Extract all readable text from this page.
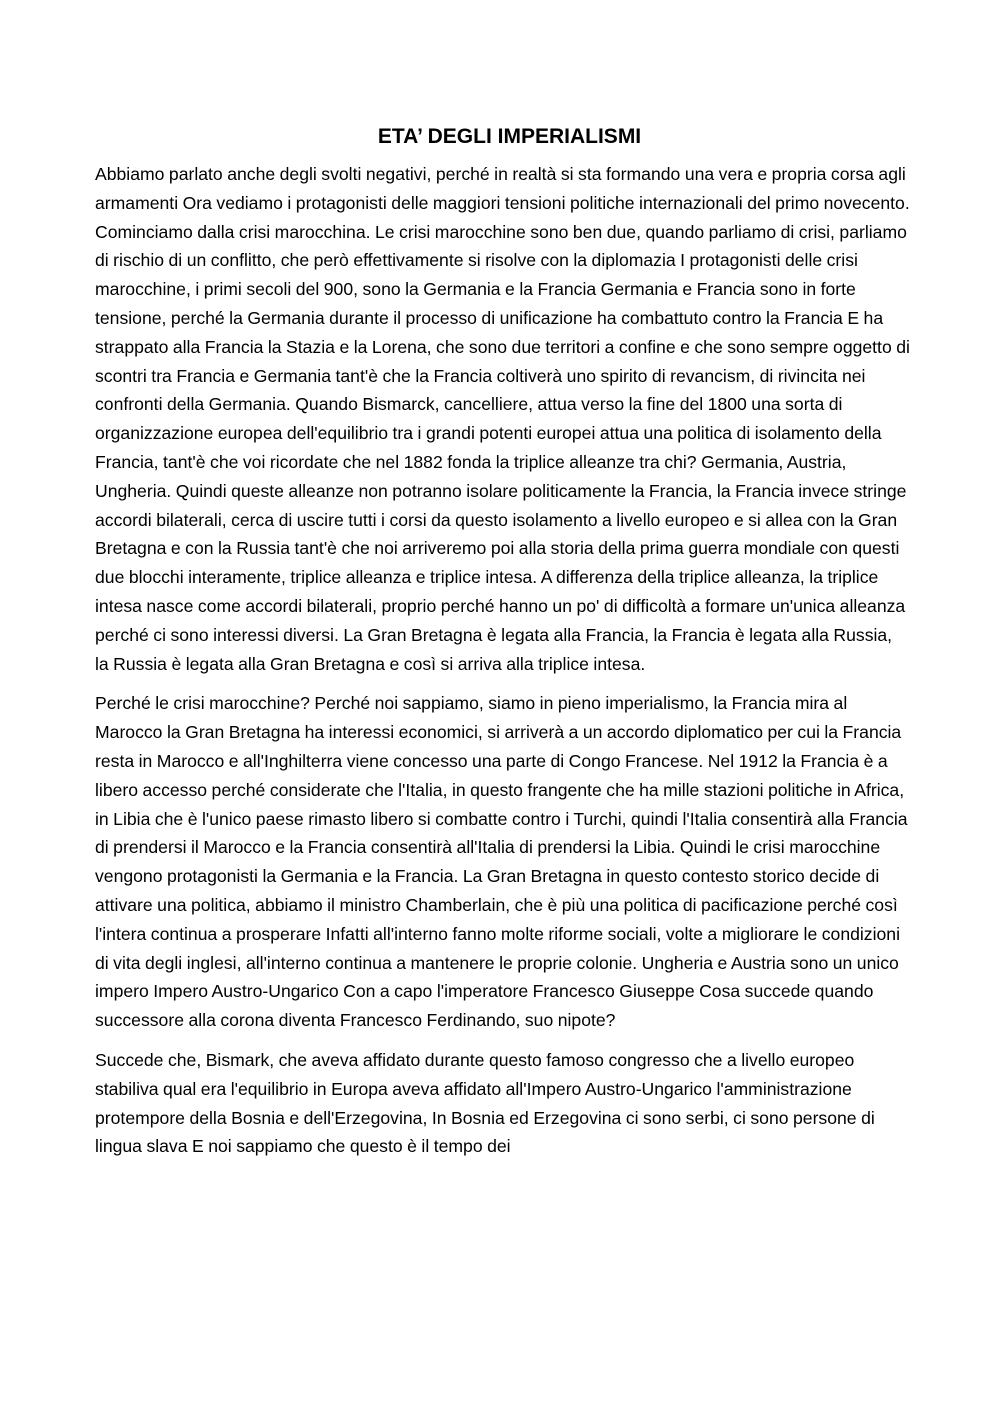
ETA’ DEGLI IMPERIALISMI

Abbiamo parlato anche degli svolti negativi, perché in realtà si sta formando una vera e propria corsa agli armamenti Ora vediamo i protagonisti delle maggiori tensioni politiche internazionali del primo novecento. Cominciamo dalla crisi marocchina. Le crisi marocchine sono ben due, quando parliamo di crisi, parliamo di rischio di un conflitto, che però effettivamente si risolve con la diplomazia I protagonisti delle crisi marocchine, i primi secoli del 900, sono la Germania e la Francia Germania e Francia sono in forte tensione, perché la Germania durante il processo di unificazione ha combattuto contro la Francia E ha strappato alla Francia la Stazia e la Lorena, che sono due territori a confine e che sono sempre oggetto di scontri tra Francia e Germania tant'è che la Francia coltiverà uno spirito di revancism, di rivincita nei confronti della Germania. Quando Bismarck, cancelliere, attua verso la fine del 1800 una sorta di organizzazione europea dell'equilibrio tra i grandi potenti europei attua una politica di isolamento della Francia, tant'è che voi ricordate che nel 1882 fonda la triplice alleanze tra chi? Germania, Austria, Ungheria. Quindi queste alleanze non potranno isolare politicamente la Francia, la Francia invece stringe accordi bilaterali, cerca di uscire tutti i corsi da questo isolamento a livello europeo e si allea con la Gran Bretagna e con la Russia tant'è che noi arriveremo poi alla storia della prima guerra mondiale con questi due blocchi interamente, triplice alleanza e triplice intesa. A differenza della triplice alleanza, la triplice intesa nasce come accordi bilaterali, proprio perché hanno un po' di difficoltà a formare un'unica alleanza perché ci sono interessi diversi. La Gran Bretagna è legata alla Francia, la Francia è legata alla Russia, la Russia è legata alla Gran Bretagna e così si arriva alla triplice intesa.

Perché le crisi marocchine? Perché noi sappiamo, siamo in pieno imperialismo, la Francia mira al Marocco la Gran Bretagna ha interessi economici, si arriverà a un accordo diplomatico per cui la Francia resta in Marocco e all'Inghilterra viene concesso una parte di Congo Francese. Nel 1912 la Francia è a libero accesso perché considerate che l'Italia, in questo frangente che ha mille stazioni politiche in Africa, in Libia che è l'unico paese rimasto libero si combatte contro i Turchi, quindi l'Italia consentirà alla Francia di prendersi il Marocco e la Francia consentirà all'Italia di prendersi la Libia. Quindi le crisi marocchine vengono protagonisti la Germania e la Francia. La Gran Bretagna in questo contesto storico decide di attivare una politica, abbiamo il ministro Chamberlain, che è più una politica di pacificazione perché così l'intera continua a prosperare Infatti all'interno fanno molte riforme sociali, volte a migliorare le condizioni di vita degli inglesi, all'interno continua a mantenere le proprie colonie. Ungheria e Austria sono un unico impero Impero Austro-Ungarico Con a capo l'imperatore Francesco Giuseppe Cosa succede quando successore alla corona diventa Francesco Ferdinando, suo nipote?

Succede che, Bismark, che aveva affidato durante questo famoso congresso che a livello europeo stabiliva qual era l'equilibrio in Europa aveva affidato all'Impero Austro-Ungarico l'amministrazione protempore della Bosnia e dell'Erzegovina, In Bosnia ed Erzegovina ci sono serbi, ci sono persone di lingua slava E noi sappiamo che questo è il tempo dei
